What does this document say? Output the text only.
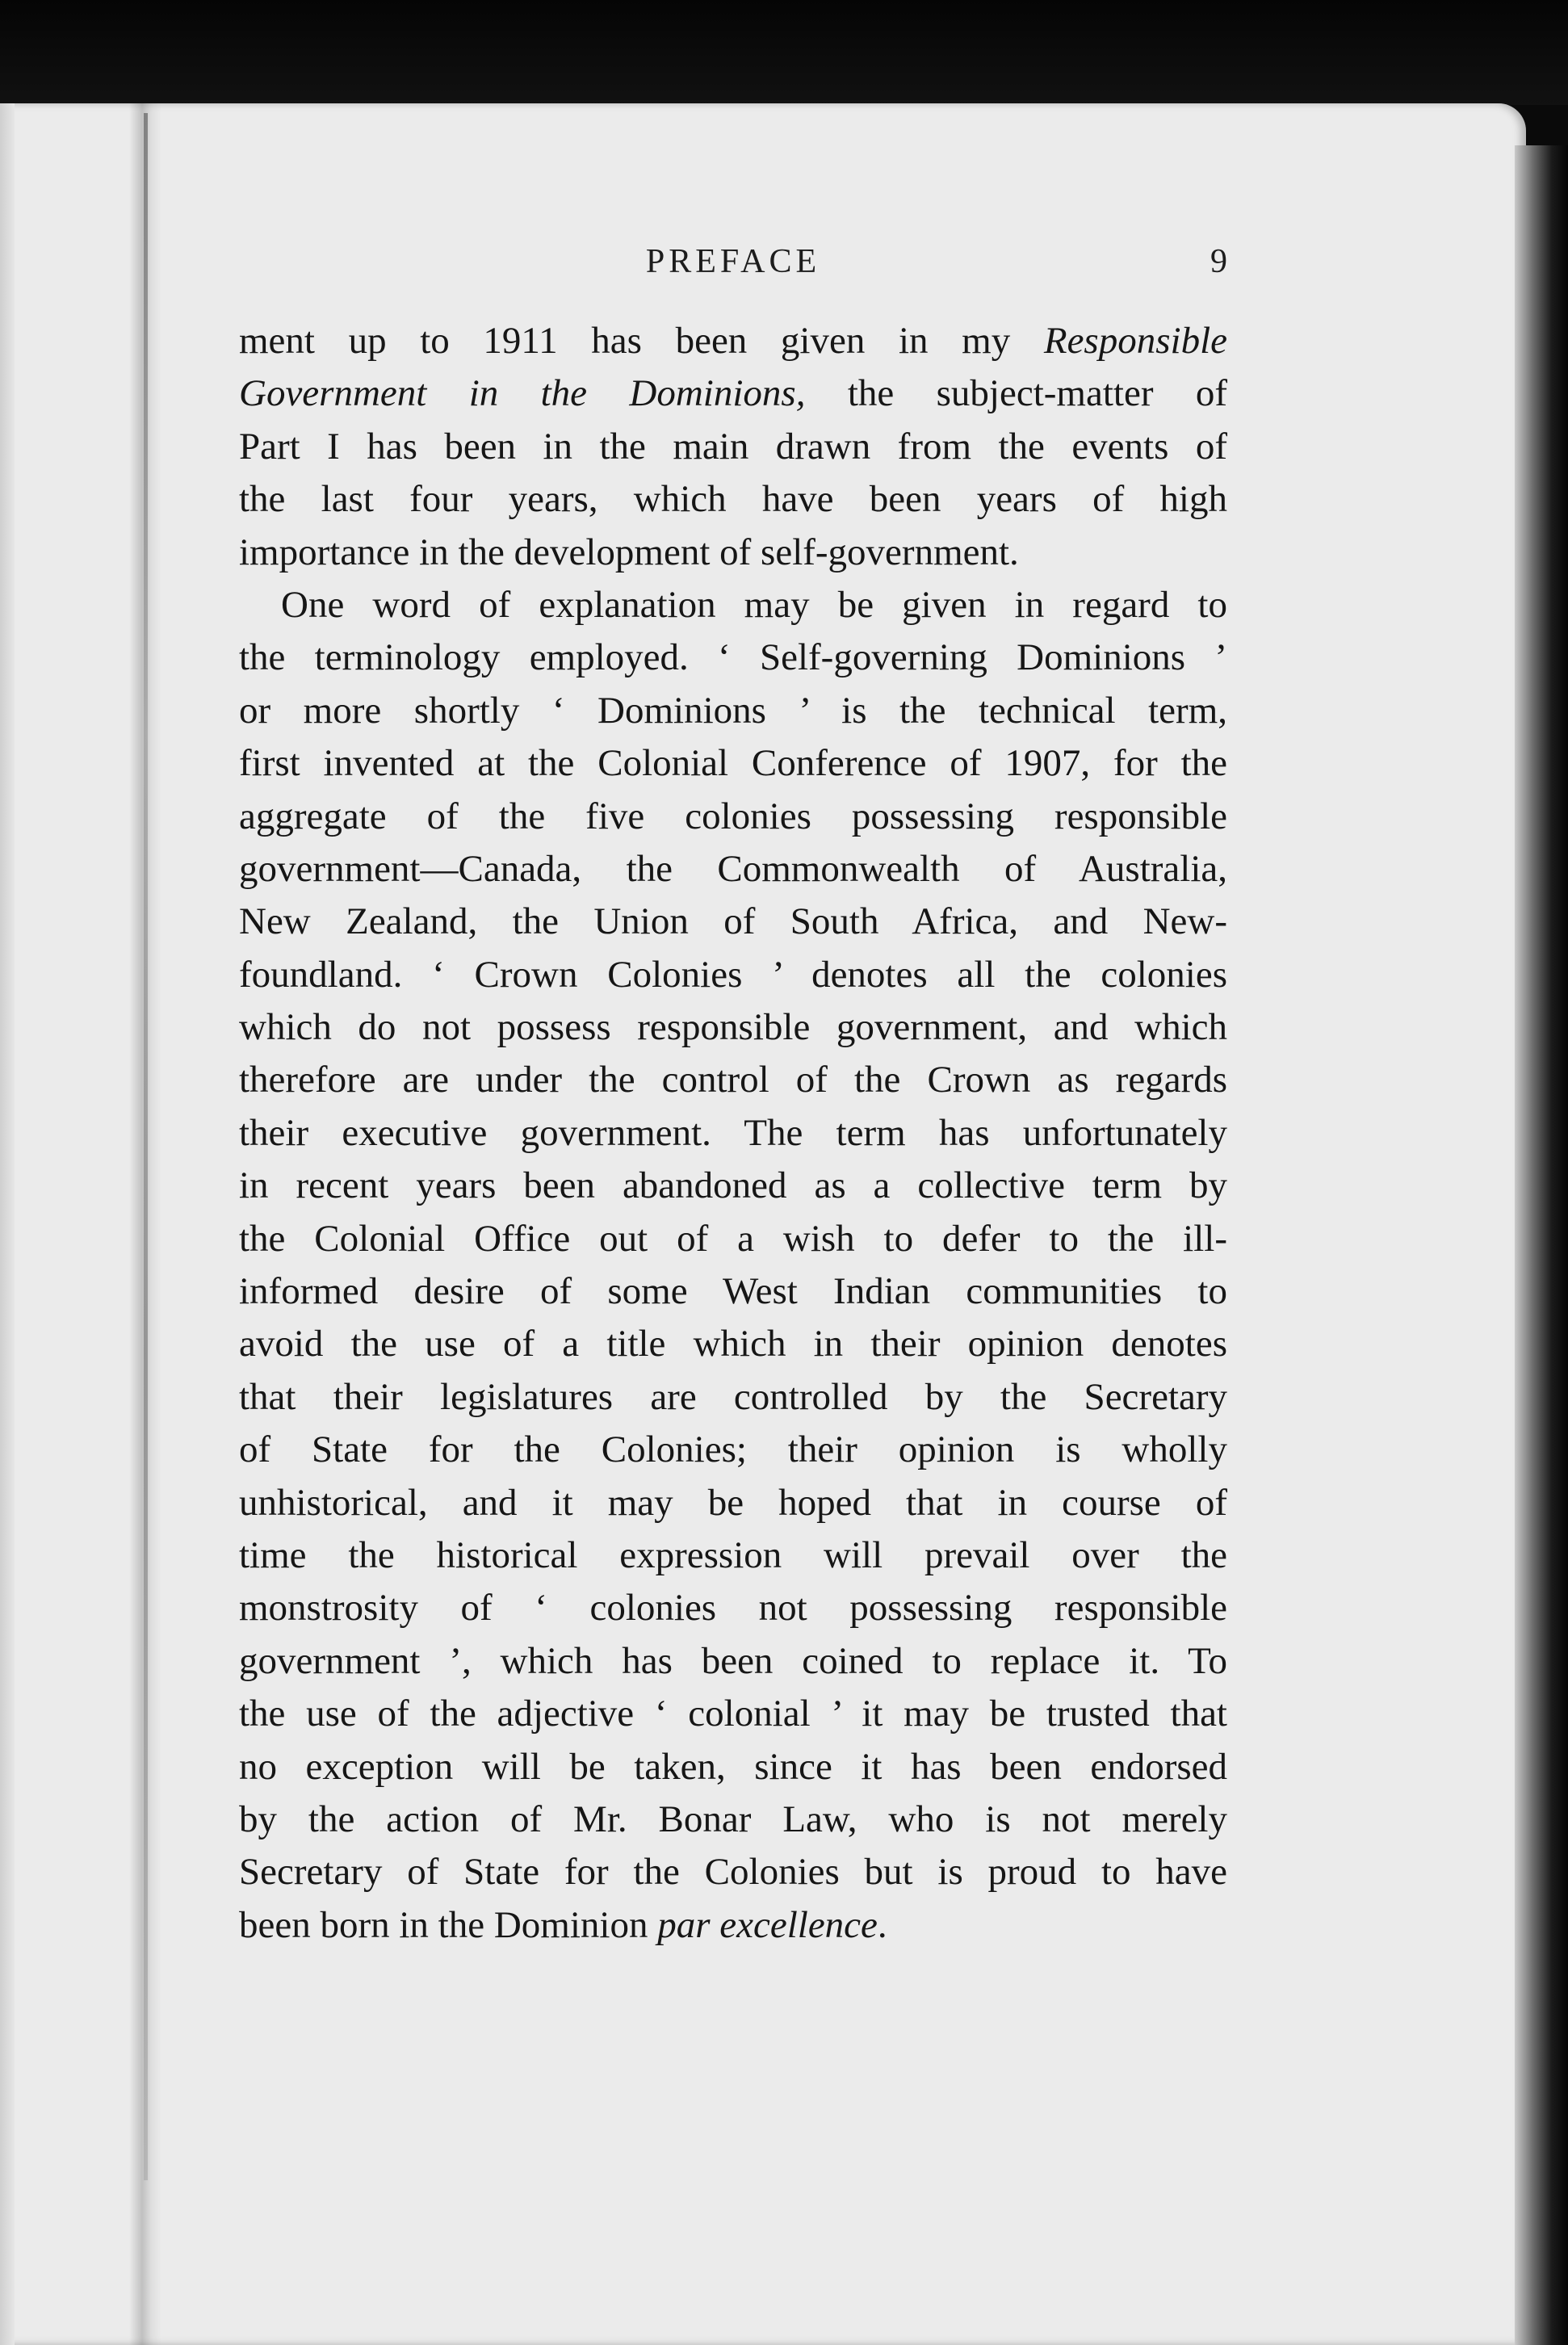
PREFACE	9
ment up to 1911 has been given in my Responsible
Government in the Dominions, the subject-matter of
Part I has been in the main drawn from the events of
the last four years, which have been years of high
importance in the development of self-government.
One word of explanation may be given in regard to
the terminology employed. ‘ Self-governing Dominions ’
or more shortly ‘ Dominions ’ is the technical term,
first invented at the Colonial Conference of 1907, for the
aggregate of the five colonies possessing responsible
government—Canada, the Commonwealth of Australia,
New Zealand, the Union of South Africa, and New-
foundland. ‘ Crown Colonies ’ denotes all the colonies
which do not possess responsible government, and which
therefore are under the control of the Crown as regards
their executive government. The term has unfortunately
in recent years been abandoned as a collective term by
the Colonial Office out of a wish to defer to the ill-
informed desire of some West Indian communities to
avoid the use of a title which in their opinion denotes
that their legislatures are controlled by the Secretary
of State for the Colonies; their opinion is wholly
unhistorical, and it may be hoped that in course of
time the historical expression will prevail over the
monstrosity of ‘ colonies not possessing responsible
government ’, which has been coined to replace it. To
the use of the adjective ‘ colonial ’ it may be trusted that
no exception will be taken, since it has been endorsed
by the action of Mr. Bonar Law, who is not merely
Secretary of State for the Colonies but is proud to have
been born in the Dominion par excellence.
